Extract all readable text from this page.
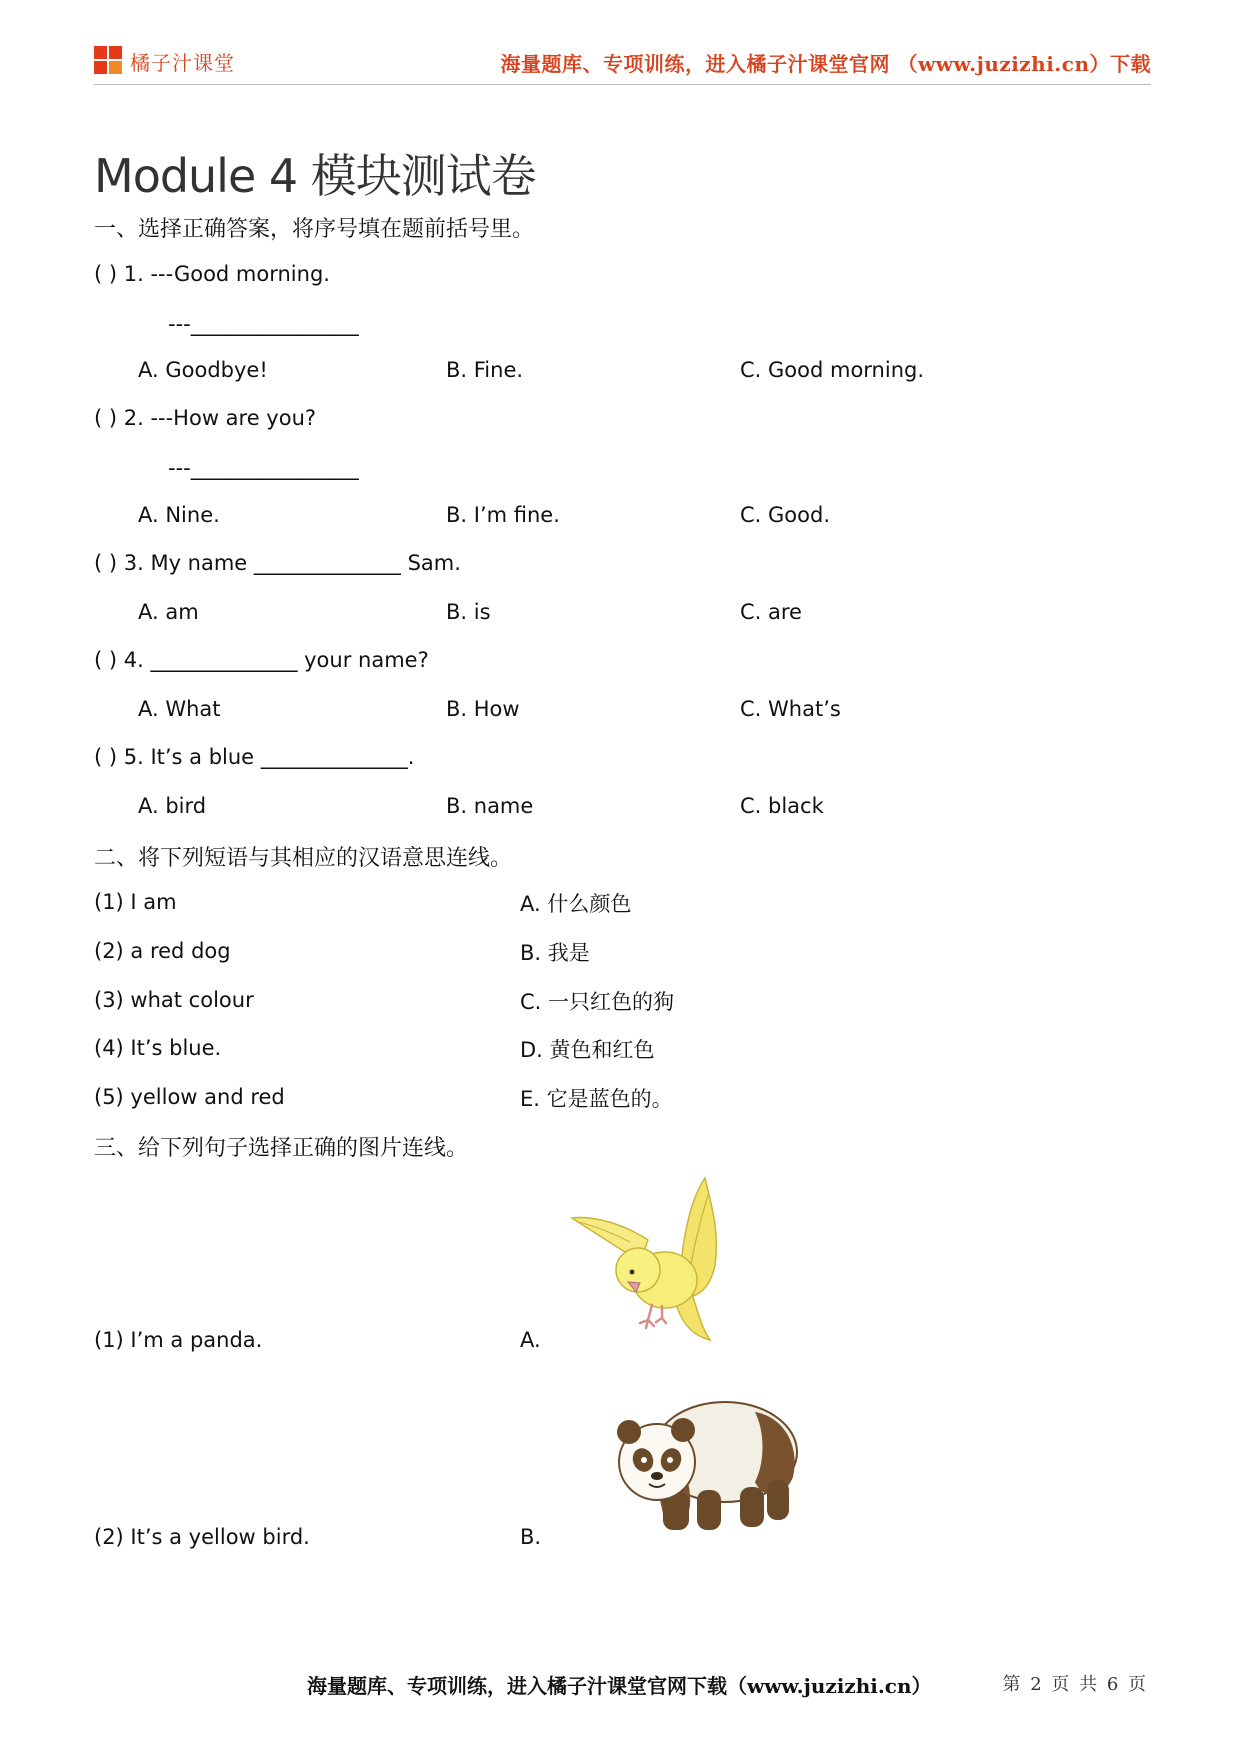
橘子汁课堂	海量题库、专项训练，进入橘子汁课堂官网 （www.juzizhi.cn）下载
Module 4 模块测试卷
一、选择正确答案，将序号填在题前括号里。
( ) 1. ---Good morning.
---________________
A. Goodbye!	B. Fine.	C. Good morning.
( ) 2. ---How are you?
---________________
A. Nine.	B. I’m fine.	C. Good.
( ) 3. My name ______________ Sam.
A. am	B. is	C. are
( ) 4. ______________ your name?
A. What	B. How	C. What’s
( ) 5. It’s a blue ______________.
A. bird	B. name	C. black
二、将下列短语与其相应的汉语意思连线。
(1) I am	A. 什么颜色
(2) a red dog	B. 我是
(3) what colour	C. 一只红色的狗
(4) It’s blue.	D. 黄色和红色
(5) yellow and red	E. 它是蓝色的。
三、给下列句子选择正确的图片连线。
(1) I’m a panda.	A.
(2) It’s a yellow bird.	B.
海量题库、专项训练，进入橘子汁课堂官网下载（www.juzizhi.cn）	第 2 页 共 6 页
